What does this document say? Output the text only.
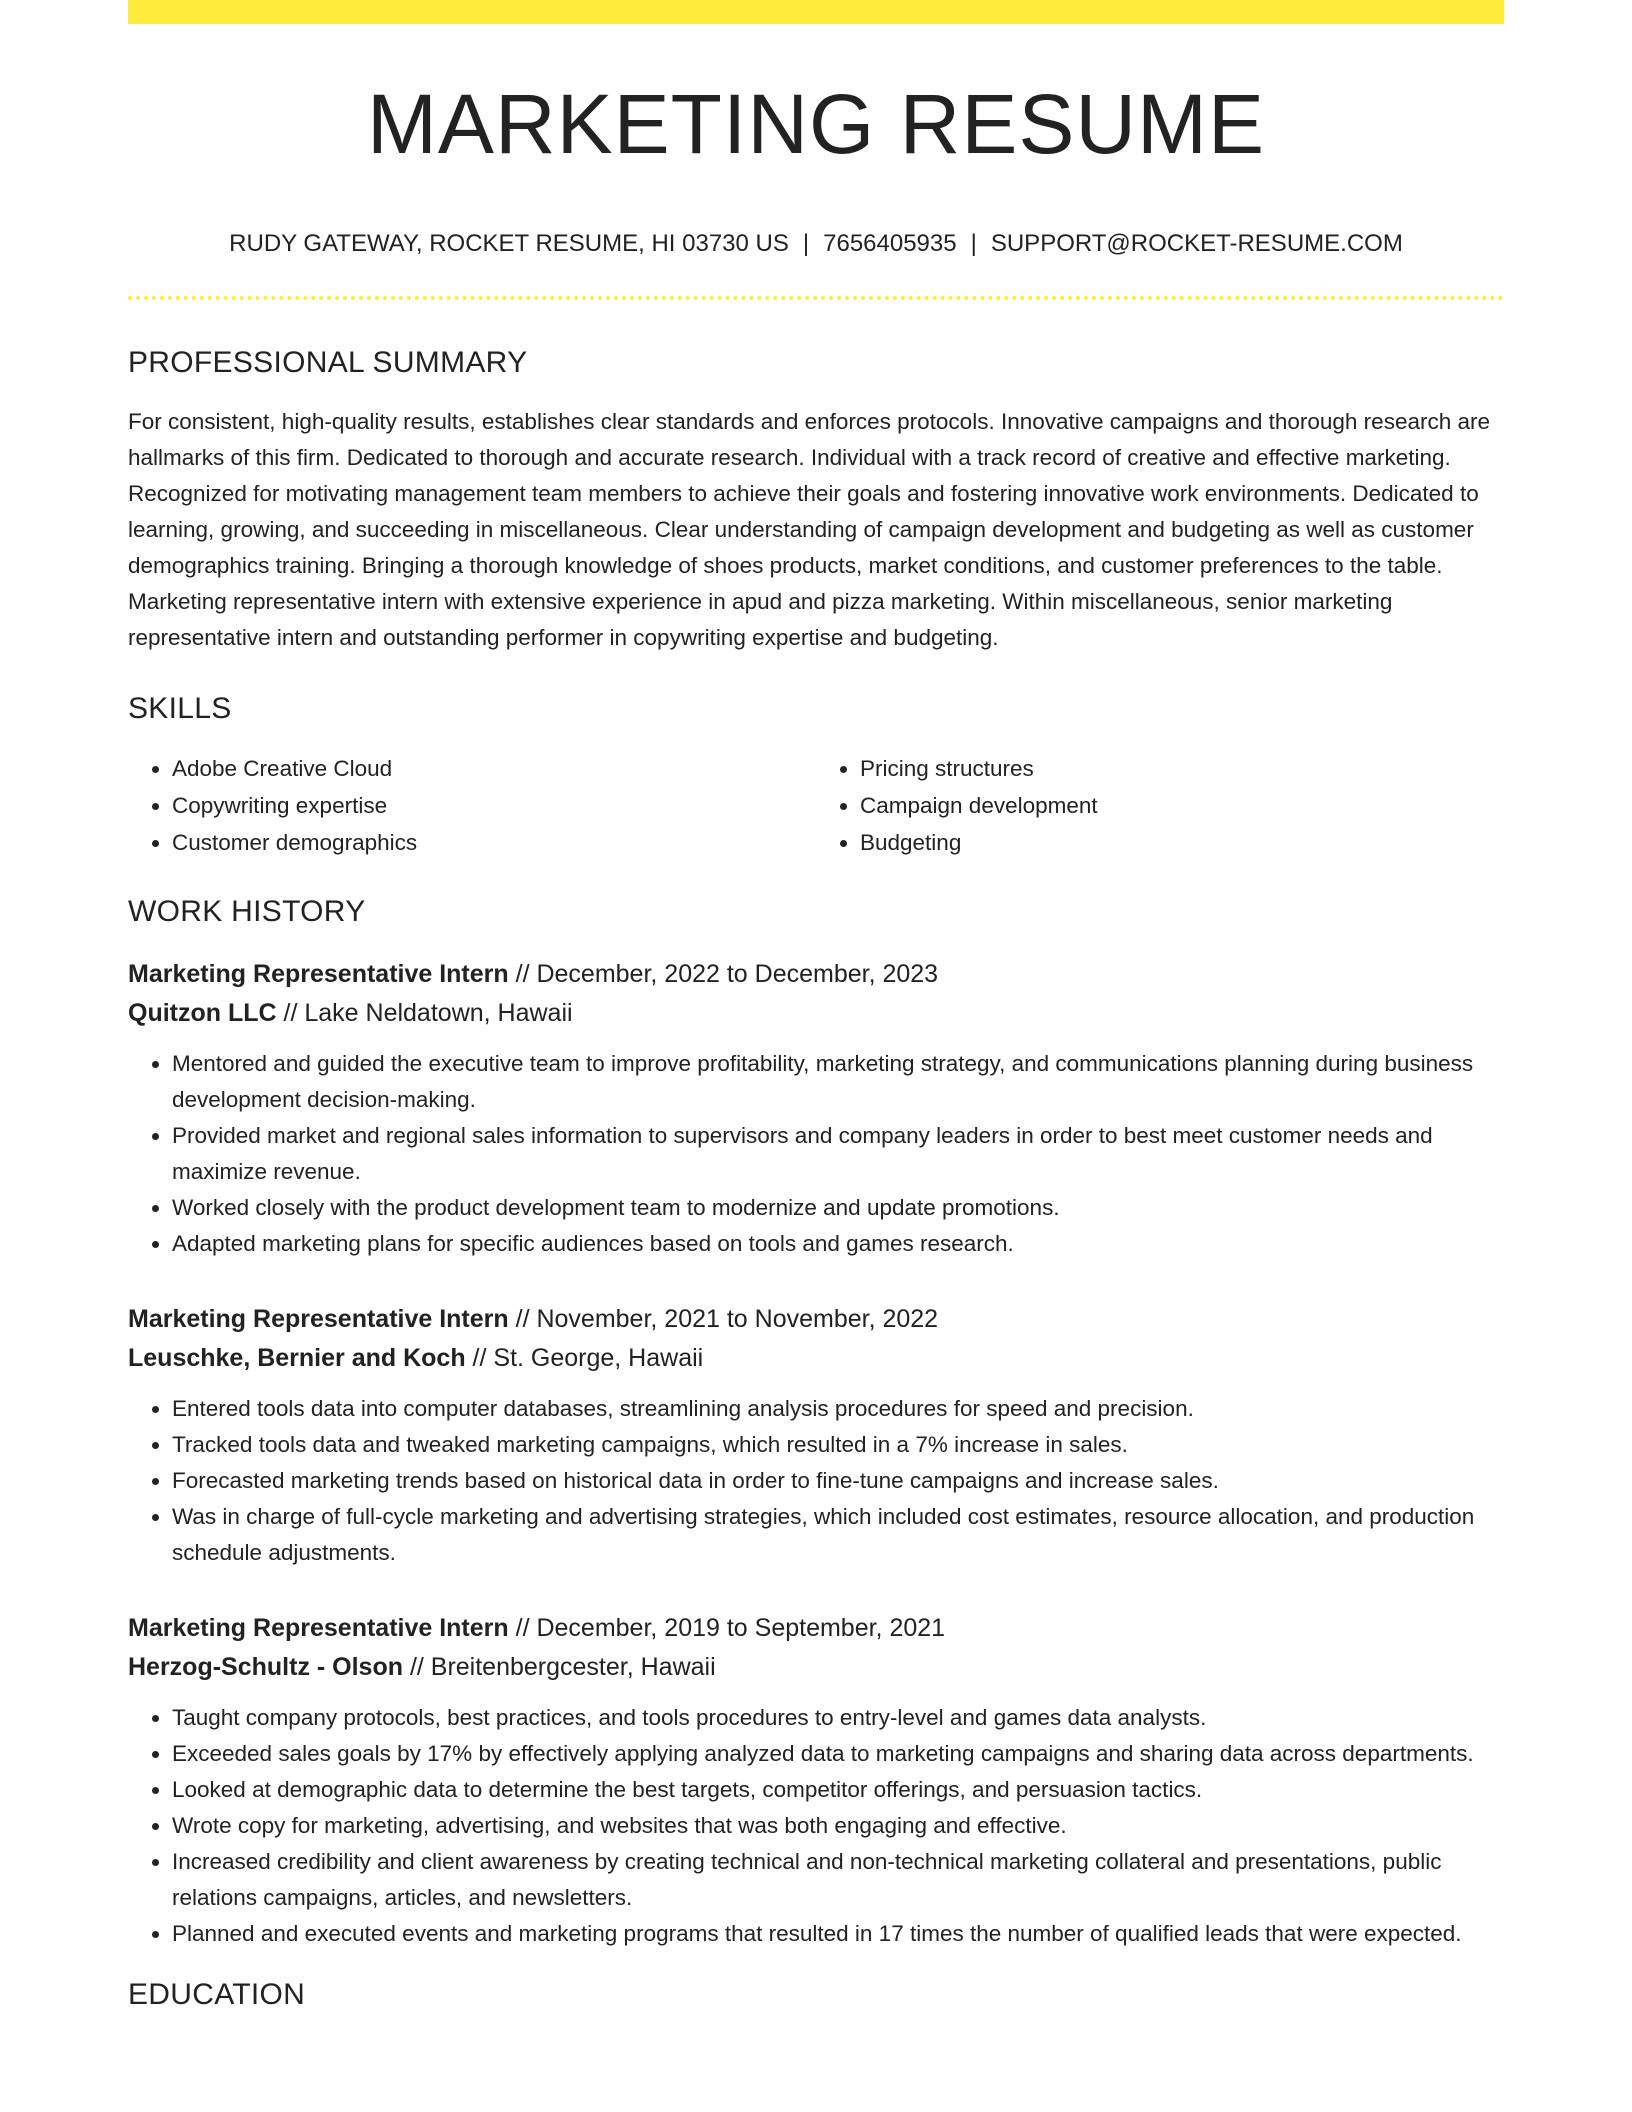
MARKETING RESUME
RUDY GATEWAY, ROCKET RESUME, HI 03730 US | 7656405935 | SUPPORT@ROCKET-RESUME.COM
PROFESSIONAL SUMMARY

For consistent, high-quality results, establishes clear standards and enforces protocols. Innovative campaigns and thorough research are hallmarks of this firm. Dedicated to thorough and accurate research. Individual with a track record of creative and effective marketing. Recognized for motivating management team members to achieve their goals and fostering innovative work environments. Dedicated to learning, growing, and succeeding in miscellaneous. Clear understanding of campaign development and budgeting as well as customer demographics training. Bringing a thorough knowledge of shoes products, market conditions, and customer preferences to the table. Marketing representative intern with extensive experience in apud and pizza marketing. Within miscellaneous, senior marketing representative intern and outstanding performer in copywriting expertise and budgeting.

SKILLS
• Adobe Creative Cloud
• Copywriting expertise
• Customer demographics
• Pricing structures
• Campaign development
• Budgeting
WORK HISTORY
Marketing Representative Intern // December, 2022 to December, 2023
Quitzon LLC // Lake Neldatown, Hawaii
• Mentored and guided the executive team to improve profitability, marketing strategy, and communications planning during business development decision-making.
• Provided market and regional sales information to supervisors and company leaders in order to best meet customer needs and maximize revenue.
• Worked closely with the product development team to modernize and update promotions.
• Adapted marketing plans for specific audiences based on tools and games research.
Marketing Representative Intern // November, 2021 to November, 2022
Leuschke, Bernier and Koch // St. George, Hawaii
• Entered tools data into computer databases, streamlining analysis procedures for speed and precision.
• Tracked tools data and tweaked marketing campaigns, which resulted in a 7% increase in sales.
• Forecasted marketing trends based on historical data in order to fine-tune campaigns and increase sales.
• Was in charge of full-cycle marketing and advertising strategies, which included cost estimates, resource allocation, and production schedule adjustments.
Marketing Representative Intern // December, 2019 to September, 2021
Herzog-Schultz - Olson // Breitenbergcester, Hawaii
• Taught company protocols, best practices, and tools procedures to entry-level and games data analysts.
• Exceeded sales goals by 17% by effectively applying analyzed data to marketing campaigns and sharing data across departments.
• Looked at demographic data to determine the best targets, competitor offerings, and persuasion tactics.
• Wrote copy for marketing, advertising, and websites that was both engaging and effective.
• Increased credibility and client awareness by creating technical and non-technical marketing collateral and presentations, public relations campaigns, articles, and newsletters.
• Planned and executed events and marketing programs that resulted in 17 times the number of qualified leads that were expected.
EDUCATION
